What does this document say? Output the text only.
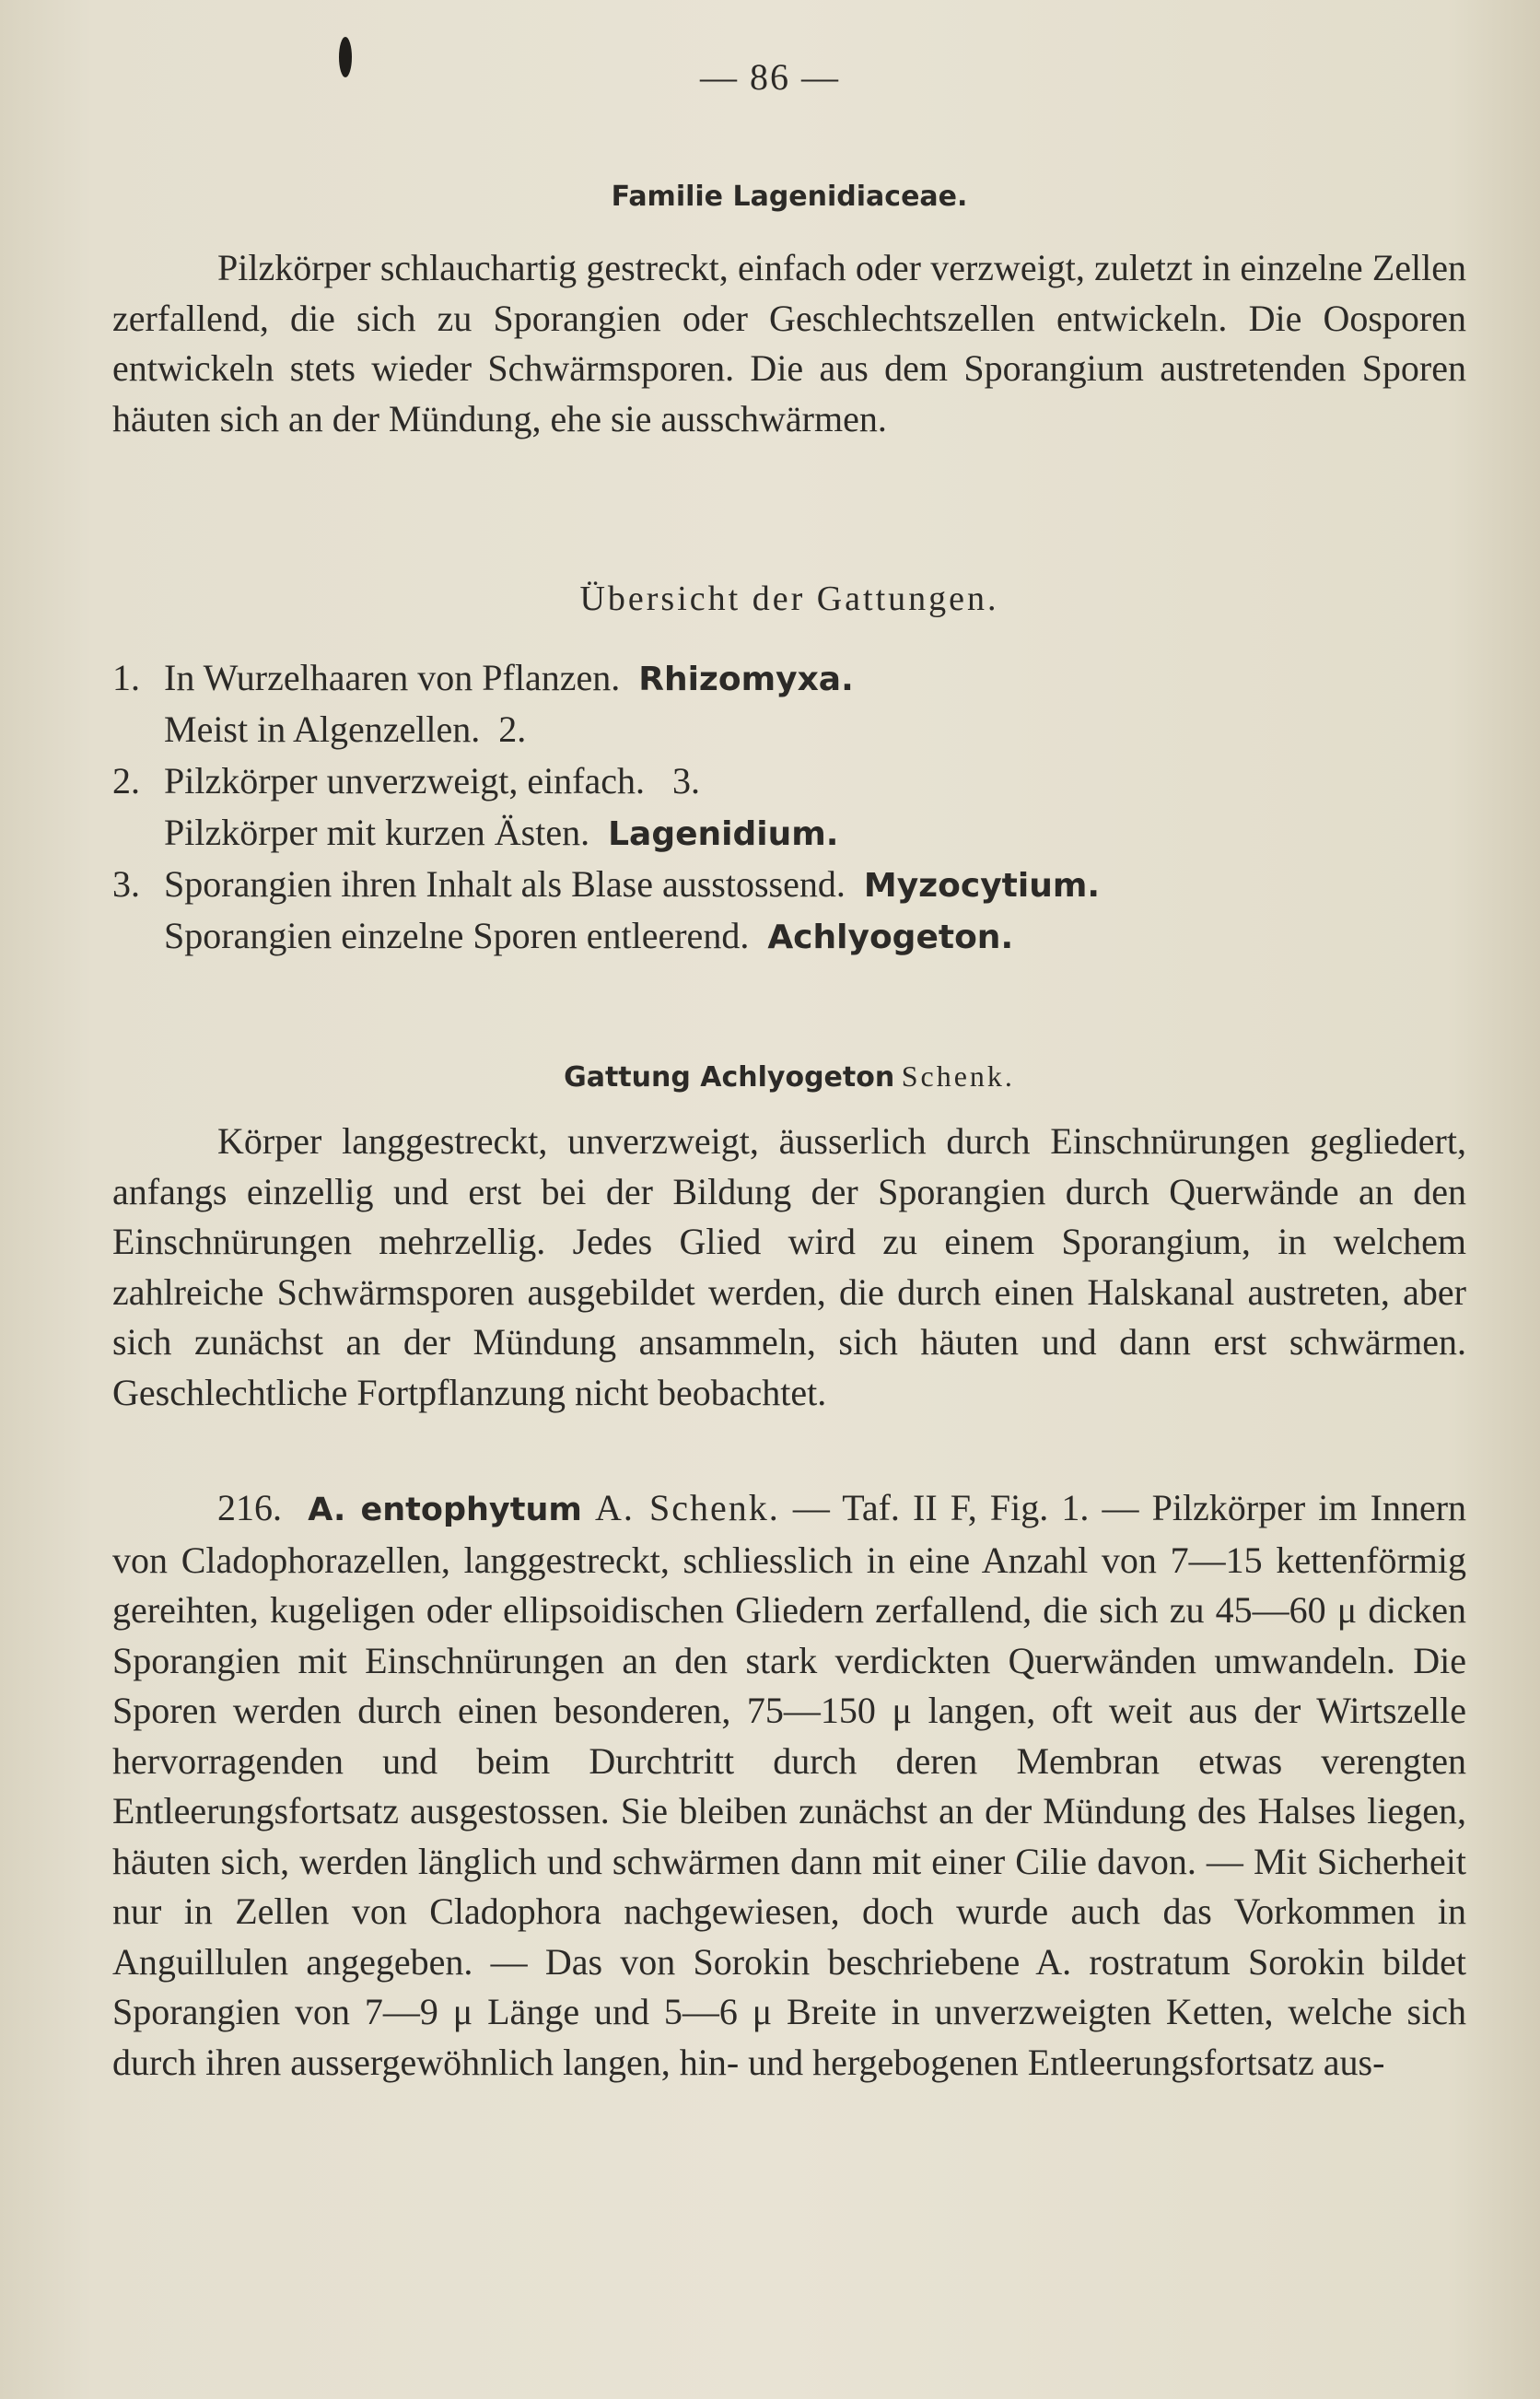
— 86 —
Familie Lagenidiaceae.

Pilzkörper schlauchartig gestreckt, einfach oder verzweigt, zuletzt in einzelne Zellen zerfallend, die sich zu Sporangien oder Geschlechtszellen entwickeln. Die Oosporen entwickeln stets wieder Schwärmsporen. Die aus dem Sporangium austretenden Sporen häuten sich an der Mündung, ehe sie ausschwärmen.

Übersicht der Gattungen.
1. In Wurzelhaaren von Pflanzen. Rhizomyxa.
Meist in Algenzellen. 2.
2. Pilzkörper unverzweigt, einfach. 3.
Pilzkörper mit kurzen Ästen. Lagenidium.
3. Sporangien ihren Inhalt als Blase ausstossend. Myzocytium.
Sporangien einzelne Sporen entleerend. Achlyogeton.
Gattung Achlyogeton Schenk.

Körper langgestreckt, unverzweigt, äusserlich durch Einschnürungen gegliedert, anfangs einzellig und erst bei der Bildung der Sporangien durch Querwände an den Einschnürungen mehrzellig. Jedes Glied wird zu einem Sporangium, in welchem zahlreiche Schwärmsporen ausgebildet werden, die durch einen Halskanal austreten, aber sich zunächst an der Mündung ansammeln, sich häuten und dann erst schwärmen. Geschlechtliche Fortpflanzung nicht beobachtet.

216. A. entophytum A. Schenk. — Taf. II F, Fig. 1. — Pilzkörper im Innern von Cladophorazellen, langgestreckt, schliesslich in eine Anzahl von 7—15 kettenförmig gereihten, kugeligen oder ellipsoidischen Gliedern zerfallend, die sich zu 45—60 μ dicken Sporangien mit Einschnürungen an den stark verdickten Querwänden umwandeln. Die Sporen werden durch einen besonderen, 75—150 μ langen, oft weit aus der Wirtszelle hervorragenden und beim Durchtritt durch deren Membran etwas verengten Entleerungsfortsatz ausgestossen. Sie bleiben zunächst an der Mündung des Halses liegen, häuten sich, werden länglich und schwärmen dann mit einer Cilie davon. — Mit Sicherheit nur in Zellen von Cladophora nachgewiesen, doch wurde auch das Vorkommen in Anguillulen angegeben. — Das von Sorokin beschriebene A. rostratum Sorokin bildet Sporangien von 7—9 μ Länge und 5—6 μ Breite in unverzweigten Ketten, welche sich durch ihren aussergewöhnlich langen, hin- und hergebogenen Entleerungsfortsatz aus-
